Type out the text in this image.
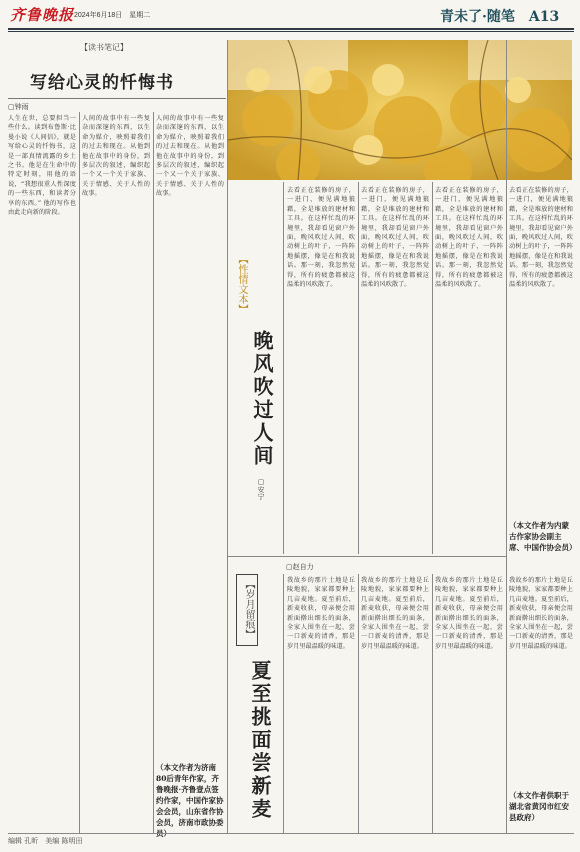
齐鲁晚报 2024年6月18日　星期二	青未了·随笔　A13
【读书笔记】
写给心灵的忏悔书
▢钟雨
人生在世，总要担当一些什么。读到布鲁斯·比曼小说《人间信》，就是写给心灵的忏悔书，这是一部真情流露的乡土之书。他是在生命中的特定时刻，用他的语说，“我想很重人性深度的一些东西，和读者分享的东西。” 他的写作也由此走向新的阶段。
人间的故事中有一些复杂而深邃的东西，以生命为媒介，映照着我们的过去和现在。从他到他在故事中的身份，到多层次的叙述，编织起一个又一个关于家族、关于情感、关于人性的故事。
人间的故事中有一些复杂而深邃的东西，以生命为媒介，映照着我们的过去和现在。从他到他在故事中的身份，到多层次的叙述，编织起一个又一个关于家族、关于情感、关于人性的故事。
（本文作者为济南80后青年作家，齐鲁晚报·齐鲁壹点签约作家，中国作家协会会员，山东省作协会员，济南市政协委员）
【性情文本】
晚风吹过人间
▢安宁
去看正在装修的房子，一进门，便见满地狼藉，全是堆放的建材和工具。在这样忙乱的环境里，我却看见窗户外面，晚风吹过人间，吹动树上的叶子，一阵阵地摇摆，像是在和我说话。那一刻，我忽然觉得，所有的疲惫都被这温柔的风吹散了。
去看正在装修的房子，一进门，便见满地狼藉，全是堆放的建材和工具。在这样忙乱的环境里，我却看见窗户外面，晚风吹过人间，吹动树上的叶子，一阵阵地摇摆，像是在和我说话。那一刻，我忽然觉得，所有的疲惫都被这温柔的风吹散了。
去看正在装修的房子，一进门，便见满地狼藉，全是堆放的建材和工具。在这样忙乱的环境里，我却看见窗户外面，晚风吹过人间，吹动树上的叶子，一阵阵地摇摆，像是在和我说话。那一刻，我忽然觉得，所有的疲惫都被这温柔的风吹散了。
去看正在装修的房子，一进门，便见满地狼藉，全是堆放的建材和工具。在这样忙乱的环境里，我却看见窗户外面，晚风吹过人间，吹动树上的叶子，一阵阵地摇摆，像是在和我说话。那一刻，我忽然觉得，所有的疲惫都被这温柔的风吹散了。
（本文作者为内蒙古作家协会副主席、中国作协会员）
【岁月留痕】
夏至挑面尝新麦
▢赵自力
我故乡的那片土地是丘陵地貌，家家都要种上几亩麦地。夏至前后，新麦收获，母亲便会用新面擀出细长的面条，全家人围坐在一起，尝一口新麦的清香，那是岁月里最温暖的味道。
我故乡的那片土地是丘陵地貌，家家都要种上几亩麦地。夏至前后，新麦收获，母亲便会用新面擀出细长的面条，全家人围坐在一起，尝一口新麦的清香，那是岁月里最温暖的味道。
我故乡的那片土地是丘陵地貌，家家都要种上几亩麦地。夏至前后，新麦收获，母亲便会用新面擀出细长的面条，全家人围坐在一起，尝一口新麦的清香，那是岁月里最温暖的味道。
我故乡的那片土地是丘陵地貌，家家都要种上几亩麦地。夏至前后，新麦收获，母亲便会用新面擀出细长的面条，全家人围坐在一起，尝一口新麦的清香，那是岁月里最温暖的味道。
（本文作者供职于湖北省黄冈市红安县政府）
编辑 孔昕　美编 陈明田
